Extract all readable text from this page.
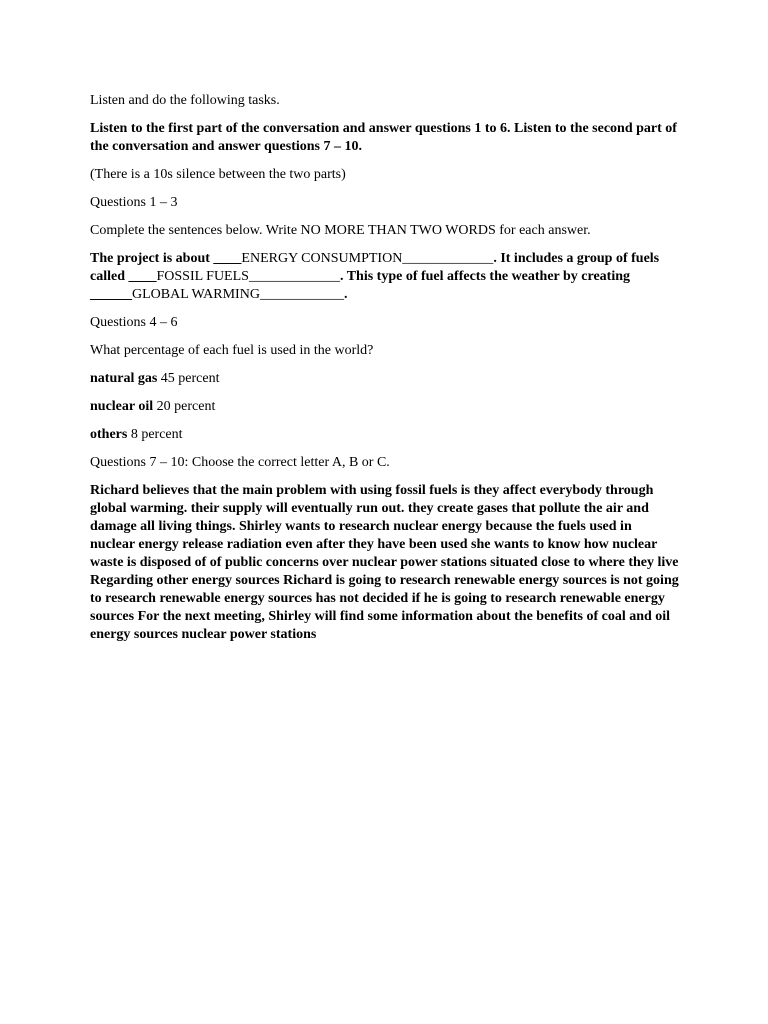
Listen and do the following tasks.

Listen to the first part of the conversation and answer questions 1 to 6. Listen to the second part of the conversation and answer questions 7 – 10.

(There is a 10s silence between the two parts)

Questions 1 – 3

Complete the sentences below. Write NO MORE THAN TWO WORDS for each answer.

The project is about ____ENERGY CONSUMPTION_____________. It includes a group of fuels called ____FOSSIL FUELS_____________. This type of fuel affects the weather by creating ______GLOBAL WARMING____________.

Questions 4 – 6

What percentage of each fuel is used in the world?

natural gas 45 percent

nuclear oil 20 percent

others 8 percent

Questions 7 – 10: Choose the correct letter A, B or C.

Richard believes that the main problem with using fossil fuels is they affect everybody through global warming. their supply will eventually run out. they create gases that pollute the air and damage all living things. Shirley wants to research nuclear energy because the fuels used in nuclear energy release radiation even after they have been used she wants to know how nuclear waste is disposed of of public concerns over nuclear power stations situated close to where they live Regarding other energy sources Richard is going to research renewable energy sources is not going to research renewable energy sources has not decided if he is going to research renewable energy sources For the next meeting, Shirley will find some information about the benefits of coal and oil energy sources nuclear power stations
